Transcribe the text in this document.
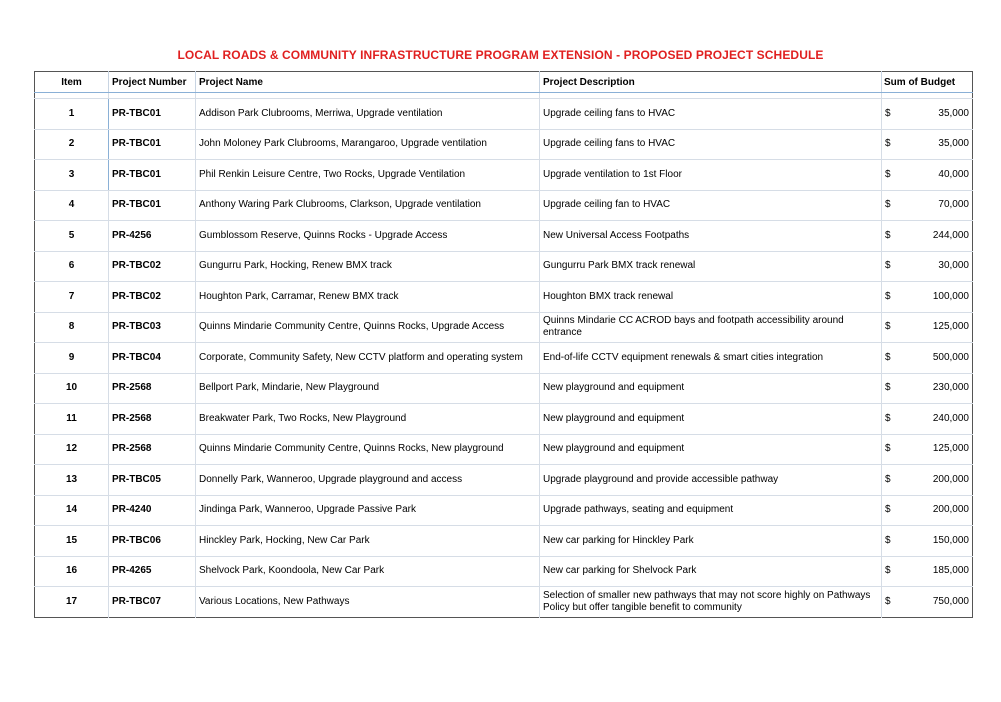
LOCAL ROADS & COMMUNITY INFRASTRUCTURE PROGRAM EXTENSION - PROPOSED PROJECT SCHEDULE
Item	Project Number	Project Name	Project Description	Sum of Budget

1	PR-TBC01	Addison Park Clubrooms, Merriwa, Upgrade ventilation	Upgrade ceiling fans to HVAC	$ 35,000

2	PR-TBC01	John Moloney Park Clubrooms, Marangaroo, Upgrade ventilation	Upgrade ceiling fans to HVAC	$ 35,000

3	PR-TBC01	Phil Renkin Leisure Centre, Two Rocks, Upgrade Ventilation	Upgrade ventilation to 1st Floor	$ 40,000

4	PR-TBC01	Anthony Waring Park Clubrooms, Clarkson, Upgrade ventilation	Upgrade ceiling fan to HVAC	$ 70,000

5	PR-4256	Gumblossom Reserve, Quinns Rocks - Upgrade Access	New Universal Access Footpaths	$ 244,000

6	PR-TBC02	Gungurru Park, Hocking, Renew BMX track	Gungurru Park BMX track renewal	$ 30,000

7	PR-TBC02	Houghton Park, Carramar, Renew BMX track	Houghton BMX track renewal	$ 100,000

8	PR-TBC03	Quinns Mindarie Community Centre, Quinns Rocks, Upgrade Access	Quinns Mindarie CC ACROD bays and footpath accessibility around entrance	$ 125,000

9	PR-TBC04	Corporate, Community Safety, New CCTV platform and operating system	End-of-life CCTV equipment renewals & smart cities integration	$ 500,000

10	PR-2568	Bellport Park, Mindarie, New Playground	New playground and equipment	$ 230,000

11	PR-2568	Breakwater Park, Two Rocks, New Playground	New playground and equipment	$ 240,000

12	PR-2568	Quinns Mindarie Community Centre, Quinns Rocks, New playground	New playground and equipment	$ 125,000

13	PR-TBC05	Donnelly Park, Wanneroo, Upgrade playground and access	Upgrade playground and provide accessible pathway	$ 200,000

14	PR-4240	Jindinga Park, Wanneroo, Upgrade Passive Park	Upgrade pathways, seating and equipment	$ 200,000

15	PR-TBC06	Hinckley Park, Hocking, New Car Park	New car parking for Hinckley Park	$ 150,000

16	PR-4265	Shelvock Park, Koondoola, New Car Park	New car parking for Shelvock Park	$ 185,000

17	PR-TBC07	Various Locations, New Pathways	Selection of smaller new pathways that may not score highly on Pathways Policy but offer tangible benefit to community	$ 750,000
